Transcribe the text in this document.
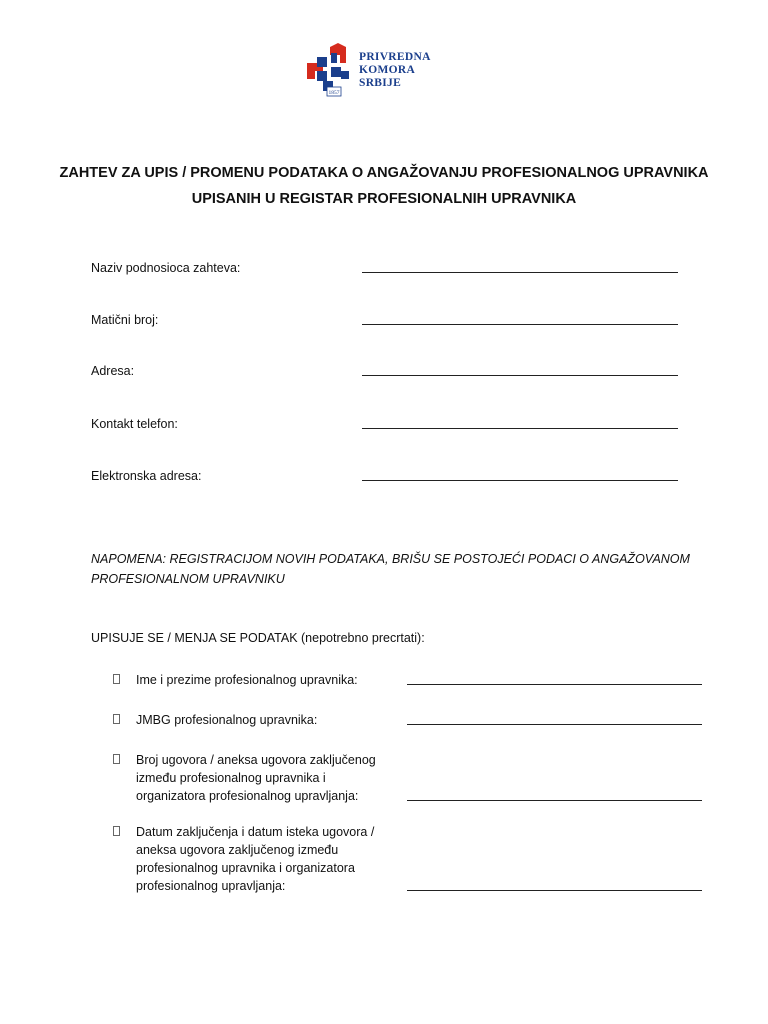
1857
PRIVREDNA
KOMORA
SRBIJE
ZAHTEV ZA UPIS / PROMENU PODATAKA O ANGAŽOVANJU PROFESIONALNOG UPRAVNIKA
UPISANIH U REGISTAR PROFESIONALNIH UPRAVNIKA
Naziv podnosioca zahteva:
Matični broj:
Adresa:
Kontakt telefon:
Elektronska adresa:
NAPOMENA: REGISTRACIJOM NOVIH PODATAKA, BRIŠU SE POSTOJEĆI PODACI O ANGAŽOVANOM
PROFESIONALNOM UPRAVNIKU
UPISUJE SE / MENJA SE PODATAK (nepotrebno precrtati):
Ime i prezime profesionalnog upravnika:
JMBG profesionalnog upravnika:
Broj ugovora / aneksa ugovora zaključenog
između profesionalnog upravnika i
organizatora profesionalnog upravljanja:
Datum zaključenja i datum isteka ugovora /
aneksa ugovora zaključenog između
profesionalnog upravnika i organizatora
profesionalnog upravljanja:
